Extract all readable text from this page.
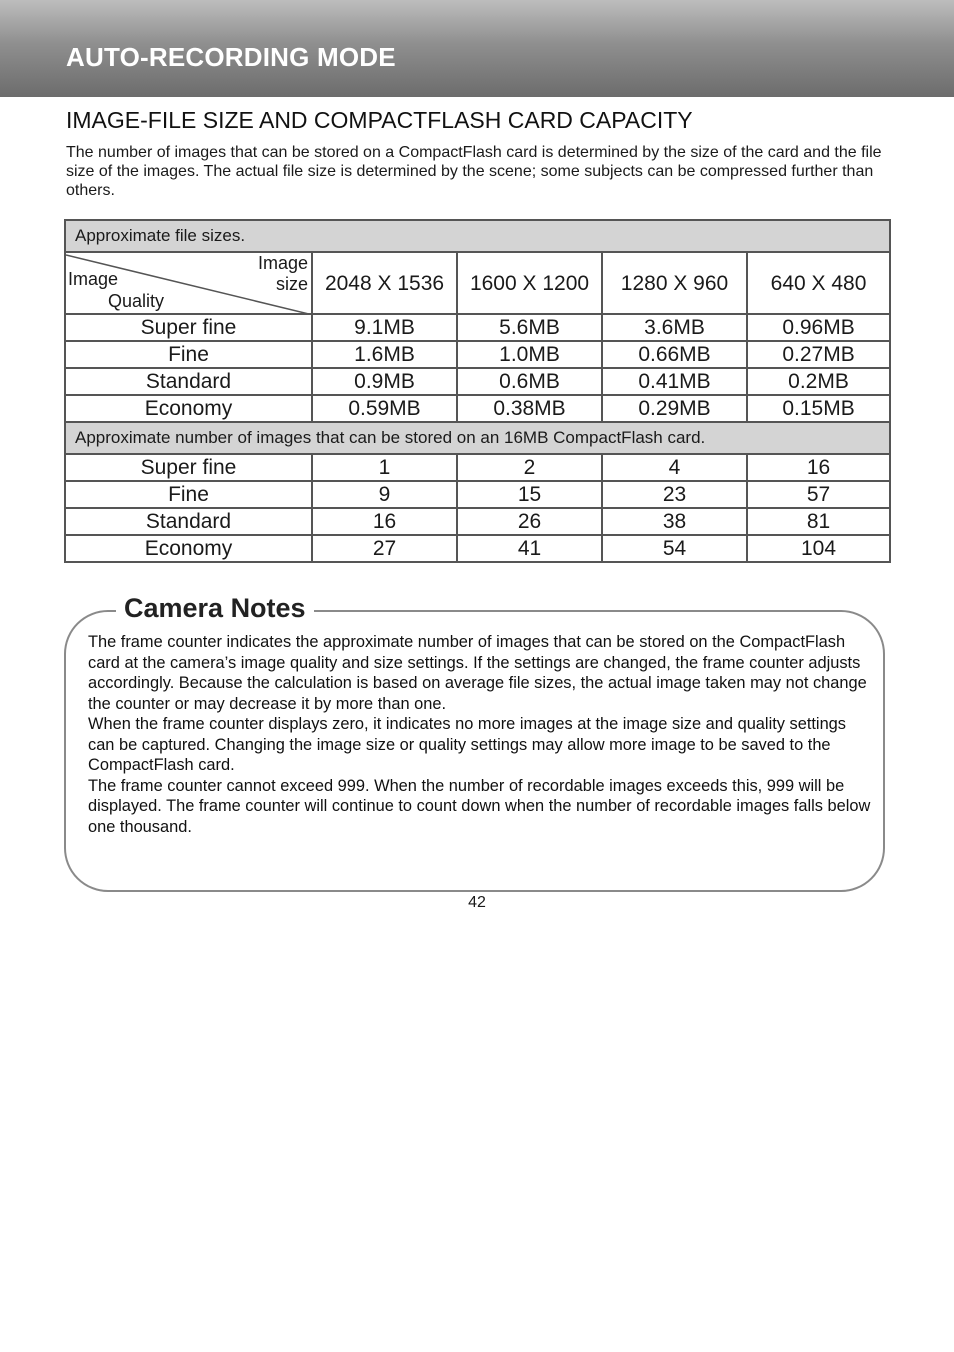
AUTO-RECORDING MODE
IMAGE-FILE SIZE AND COMPACTFLASH CARD CAPACITY

The number of images that can be stored on a CompactFlash card is determined by the size of the card and the file size of the images. The actual file size is determined by the scene; some subjects can be compressed further than others.

Approximate file sizes.				

Image
size
Image
Quality	2048 X 1536	1600 X 1200	1280 X 960	640 X 480
Super fine	9.1MB	5.6MB	3.6MB	0.96MB
Fine	1.6MB	1.0MB	0.66MB	0.27MB
Standard	0.9MB	0.6MB	0.41MB	0.2MB
Economy	0.59MB	0.38MB	0.29MB	0.15MB
Approximate number of images that can be stored on an 16MB CompactFlash card.				
Super fine	1	2	4	16
Fine	9	15	23	57
Standard	16	26	38	81
Economy	27	41	54	104
Camera Notes

The frame counter indicates the approximate number of images that can be stored on the CompactFlash card at the camera’s image quality and size settings. If the settings are changed, the frame counter adjusts accordingly. Because the calculation is based on average file sizes, the actual image taken may not change the counter or may decrease it by more than one.

When the frame counter displays zero, it indicates no more images at the image size and quality settings can be captured. Changing the image size or quality settings may allow more image to be saved to the CompactFlash card.

The frame counter cannot exceed 999. When the number of recordable images exceeds this, 999 will be displayed. The frame counter will continue to count down when the number of recordable images falls below one thousand.

42
